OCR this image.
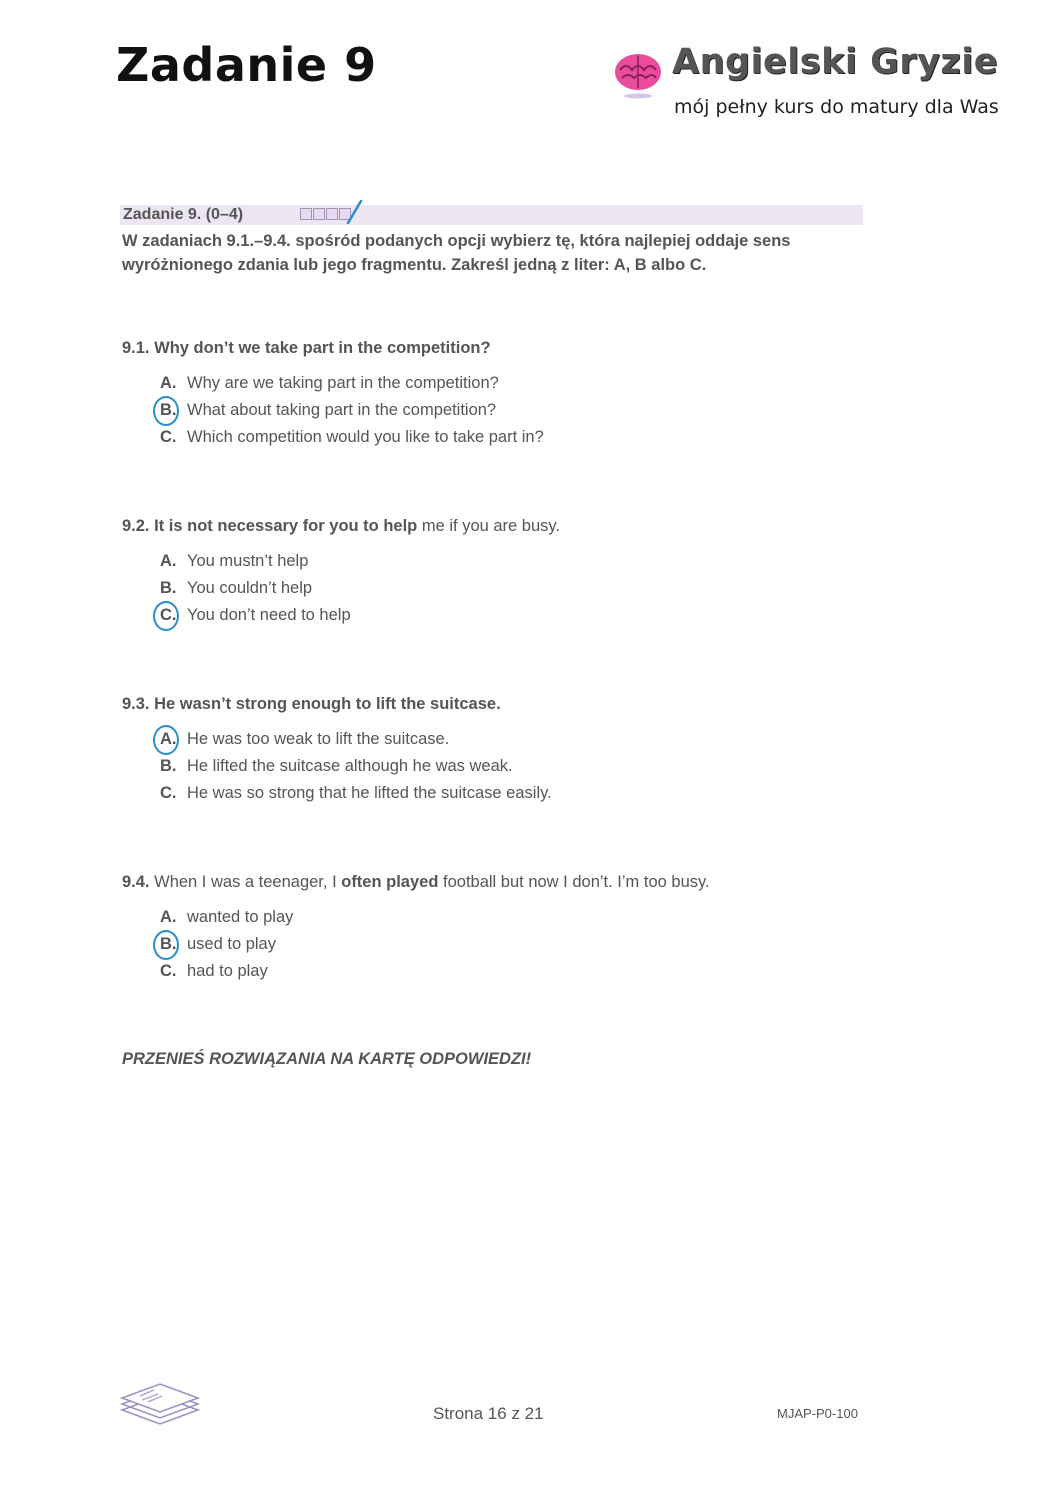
Zadanie 9	Angielski Gryzie
mój pełny kurs do matury dla Was
Zadanie 9. (0–4)
W zadaniach 9.1.–9.4. spośród podanych opcji wybierz tę, która najlepiej oddaje sens wyróżnionego zdania lub jego fragmentu. Zakreśl jedną z liter: A, B albo C.
9.1. Why don’t we take part in the competition?
A. Why are we taking part in the competition?
B. What about taking part in the competition?
C. Which competition would you like to take part in?
9.2. It is not necessary for you to help me if you are busy.
A. You mustn’t help
B. You couldn’t help
C. You don’t need to help
9.3. He wasn’t strong enough to lift the suitcase.
A. He was too weak to lift the suitcase.
B. He lifted the suitcase although he was weak.
C. He was so strong that he lifted the suitcase easily.
9.4. When I was a teenager, I often played football but now I don’t. I’m too busy.
A. wanted to play
B. used to play
C. had to play
PRZENIEŚ ROZWIĄZANIA NA KARTĘ ODPOWIEDZI!
Strona 16 z 21	MJAP-P0-100
